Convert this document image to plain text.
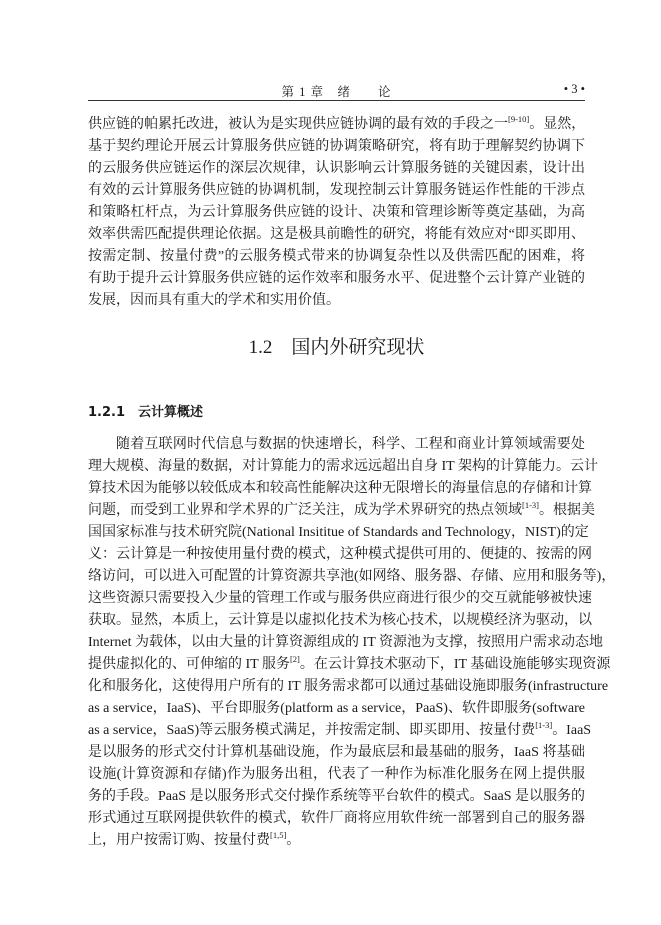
第 1 章　绪　　论	• 3 •
供应链的帕累托改进，被认为是实现供应链协调的最有效的手段之一[9-10]。显然，
基于契约理论开展云计算服务供应链的协调策略研究，将有助于理解契约协调下
的云服务供应链运作的深层次规律，认识影响云计算服务链的关键因素，设计出
有效的云计算服务供应链的协调机制，发现控制云计算服务链运作性能的干涉点
和策略杠杆点，为云计算服务供应链的设计、决策和管理诊断等奠定基础，为高
效率供需匹配提供理论依据。这是极具前瞻性的研究，将能有效应对“即买即用、
按需定制、按量付费”的云服务模式带来的协调复杂性以及供需匹配的困难，将
有助于提升云计算服务供应链的运作效率和服务水平、促进整个云计算产业链的
发展，因而具有重大的学术和实用价值。
1.2  国内外研究现状
1.2.1   云计算概述
随着互联网时代信息与数据的快速增长，科学、工程和商业计算领域需要处
理大规模、海量的数据，对计算能力的需求远远超出自身 IT 架构的计算能力。云计
算技术因为能够以较低成本和较高性能解决这种无限增长的海量信息的存储和计算
问题，而受到工业界和学术界的广泛关注，成为学术界研究的热点领域[1-3]。根据美
国国家标准与技术研究院(National Insititue of Standards and Technology，NIST)的定
义：云计算是一种按使用量付费的模式，这种模式提供可用的、便捷的、按需的网
络访问，可以进入可配置的计算资源共享池(如网络、服务器、存储、应用和服务等)，
这些资源只需要投入少量的管理工作或与服务供应商进行很少的交互就能够被快速
获取。显然，本质上，云计算是以虚拟化技术为核心技术，以规模经济为驱动，以
Internet 为载体，以由大量的计算资源组成的 IT 资源池为支撑，按照用户需求动态地
提供虚拟化的、可伸缩的 IT 服务[2]。在云计算技术驱动下，IT 基础设施能够实现资源
化和服务化，这使得用户所有的 IT 服务需求都可以通过基础设施即服务(infrastructure
as a service，IaaS)、平台即服务(platform as a service，PaaS)、软件即服务(software
as a service，SaaS)等云服务模式满足，并按需定制、即买即用、按量付费[1-3]。IaaS
是以服务的形式交付计算机基础设施，作为最底层和最基础的服务，IaaS 将基础
设施(计算资源和存储)作为服务出租，代表了一种作为标准化服务在网上提供服
务的手段。PaaS 是以服务形式交付操作系统等平台软件的模式。SaaS 是以服务的
形式通过互联网提供软件的模式，软件厂商将应用软件统一部署到自己的服务器
上，用户按需订购、按量付费[1,5]。
